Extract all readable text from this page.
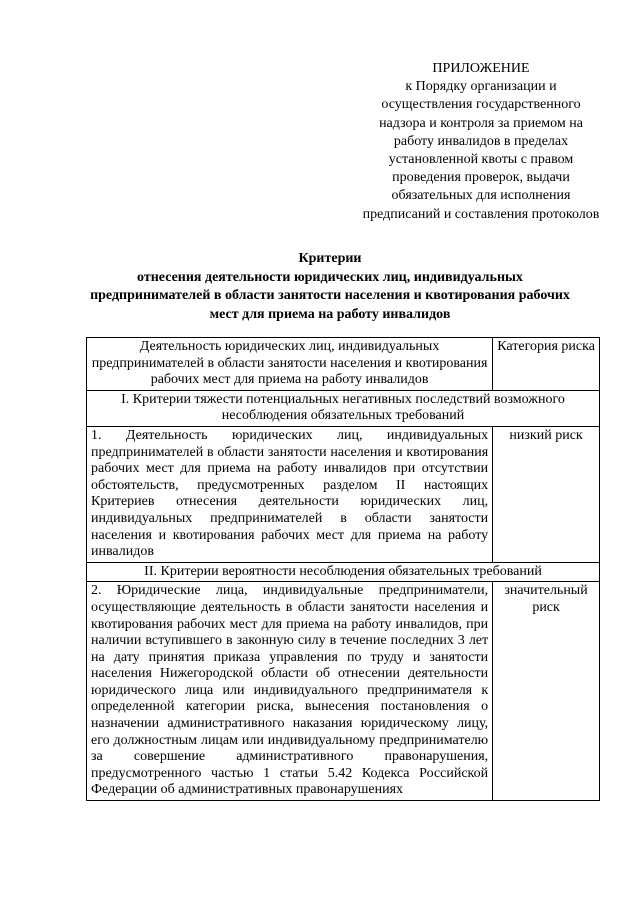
ПРИЛОЖЕНИЕ
к Порядку организации и осуществления государственного надзора и контроля за приемом на работу инвалидов в пределах установленной квоты с правом проведения проверок, выдачи обязательных для исполнения предписаний и составления протоколов
Критерии
отнесения деятельности юридических лиц, индивидуальных предпринимателей в области занятости населения и квотирования рабочих мест для приема на работу инвалидов
Деятельность юридических лиц, индивидуальных предпринимателей в области занятости населения и квотирования рабочих мест для приема на работу инвалидов	Категория риска
I. Критерии тяжести потенциальных негативных последствий возможного несоблюдения обязательных требований	
1. Деятельность юридических лиц, индивидуальных предпринимателей в области занятости населения и квотирования рабочих мест для приема на работу инвалидов при отсутствии обстоятельств, предусмотренных разделом II настоящих Критериев отнесения деятельности юридических лиц, индивидуальных предпринимателей в области занятости населения и квотирования рабочих мест для приема на работу инвалидов	низкий риск
II. Критерии вероятности несоблюдения обязательных требований	
2. Юридические лица, индивидуальные предприниматели, осуществляющие деятельность в области занятости населения и квотирования рабочих мест для приема на работу инвалидов, при наличии вступившего в законную силу в течение последних 3 лет на дату принятия приказа управления по труду и занятости населения Нижегородской области об отнесении деятельности юридического лица или индивидуального предпринимателя к определенной категории риска, вынесения постановления о назначении административного наказания юридическому лицу, его должностным лицам или индивидуальному предпринимателю за совершение административного правонарушения, предусмотренного частью 1 статьи 5.42 Кодекса Российской Федерации об административных правонарушениях	значительный риск
